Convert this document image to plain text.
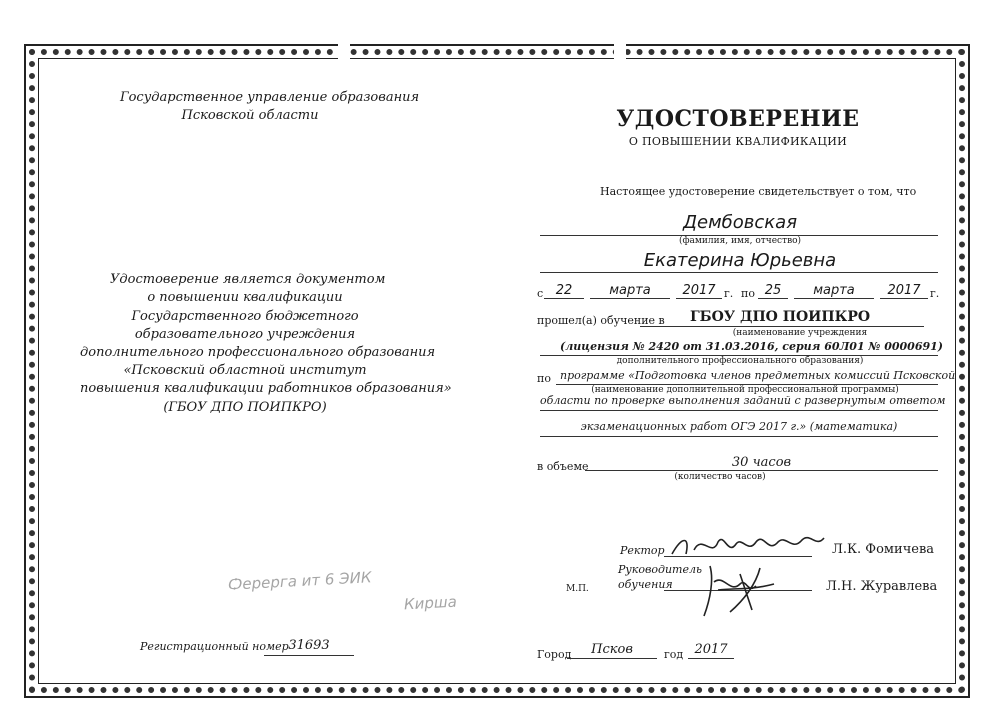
Государственное управление образования
Псковской области
Удостоверение является документом
о повышении квалификации
Государственного бюджетного
образовательного учреждения
дополнительного профессионального образования
«Псковский областной институт
повышения квалификации работников образования»
(ГБОУ ДПО ПОИПКРО)
Ѻерерга ит 6 ЭИК
Кирша
Регистрационный номер 31693
УДОСТОВЕРЕНИЕ
О ПОВЫШЕНИИ КВАЛИФИКАЦИИ
Настоящее удостоверение свидетельствует о том, что
Дембовская
(фамилия, имя, отчество)
Екатерина Юрьевна
с 22	марта	2017 г. по 25	марта	2017 г.
прошел(а) обучение в	ГБОУ ДПО ПОИПКРО
(наименование учреждения
(лицензия № 2420 от 31.03.2016, серия 60Л01 № 0000691)
дополнительного профессионального образования)
по программе «Подготовка членов предметных комиссий Псковской
(наименование дополнительной профессиональной программы)
области по проверке выполнения заданий с развернутым ответом
экзаменационных работ ОГЭ 2017 г.» (математика)
в объеме	30 часов
(количество часов)
Ректор	Л.К. Фомичева
Руководитель
обучения	Л.Н. Журавлева
М.П.
Город	Псков	год 2017
